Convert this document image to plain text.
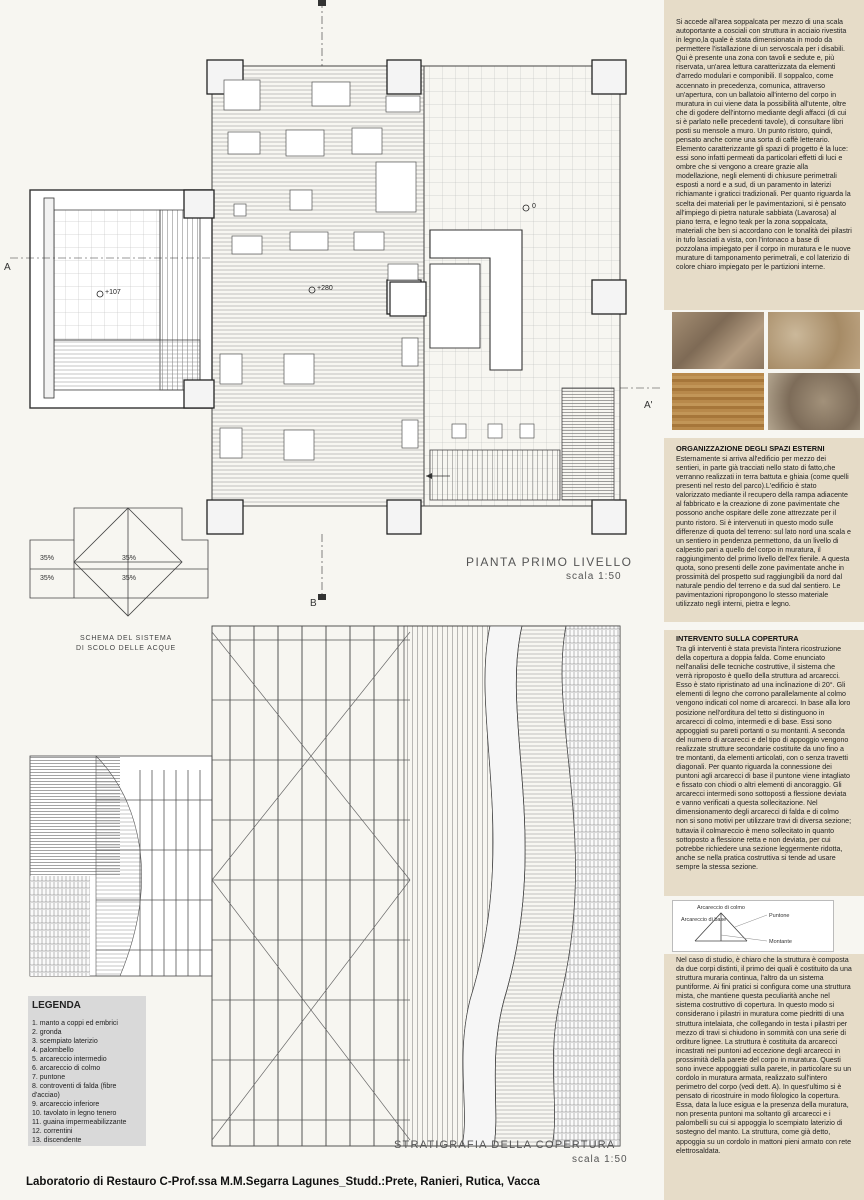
A
A'
B
+107
+280
0
PIANTA PRIMO LIVELLO
scala 1:50
35%	35%
35%	35%
SCHEMA DEL SISTEMA
DI SCOLO DELLE ACQUE
STRATIGRAFIA DELLA COPERTURA
scala 1:50

Si accede all'area soppalcata per mezzo di una scala autoportante a cosciali con struttura in acciaio rivestita in legno,la quale è stata dimensionata in modo da permettere l'istallazione di un servoscala per i disabili. Qui è presente una zona con tavoli e sedute e, più riservata, un'area lettura caratterizzata da elementi d'arredo modulari e componibili. Il soppalco, come accennato in precedenza, comunica, attraverso un'apertura, con un ballatoio all'interno del corpo in muratura in cui viene data la possibilità all'utente, oltre che di godere dell'intorno mediante degli affacci (di cui si è parlato nelle precedenti tavole), di consultare libri posti su mensole a muro. Un punto ristoro, quindi, pensato anche come una sorta di caffè letterario. Elemento caratterizzante gli spazi di progetto è la luce: essi sono infatti permeati da particolari effetti di luci e ombre che si vengono a creare grazie alla modellazione, negli elementi di chiusure perimetrali esposti a nord e a sud, di un paramento in laterizi richiamante i graticci tradizionali. Per quanto riguarda la scelta dei materiali per le pavimentazioni, si è pensato all'impiego di pietra naturale sabbiata (Lavarosa) al piano terra, e legno teak per la zona soppalcata, materiali che ben si accordano con le tonalità dei pilastri in tufo lasciati a vista, con l'intonaco a base di pozzolana impiegato per il corpo in muratura e le nuove murature di tamponamento perimetrali, e col laterizio di colore chiaro impiegato per le partizioni interne.

ORGANIZZAZIONE DEGLI SPAZI ESTERNI

Esternamente si arriva all'edificio per mezzo dei sentieri, in parte già tracciati nello stato di fatto,che verranno realizzati in terra battuta e ghiaia (come quelli presenti nel resto del parco).L'edificio è stato valorizzato mediante il recupero della rampa adiacente al fabbricato e la creazione di zone pavimentate che possono anche ospitare delle zone attrezzate per il punto ristoro. Si è intervenuti in questo modo sulle differenze di quota del terreno: sul lato nord una scala e un sentiero in pendenza permettono, da un livello di calpestio pari a quello del corpo in muratura, il raggiungimento del primo livello dell'ex fienile. A questa quota, sono presenti delle zone pavimentate anche in prossimità del prospetto sud raggiungibili da nord dal naturale pendio del terreno e da sud dal sentiero. Le pavimentazioni ripropongono lo stesso materiale utilizzato negli interni, pietra e legno.

INTERVENTO SULLA COPERTURA

Tra gli interventi è stata prevista l'intera ricostruzione della copertura a doppia falda. Come enunciato nell'analisi delle tecniche costruttive, il sistema che verrà riproposto è quello della struttura ad arcarecci. Esso è stato ripristinato ad una inclinazione di 20°. Gli elementi di legno che corrono parallelamente al colmo vengono indicati col nome di arcarecci. In base alla loro posizione nell'orditura del tetto si distinguono in arcarecci di colmo, intermedi e di base. Essi sono appoggiati su pareti portanti o su montanti. A seconda del numero di arcarecci e del tipo di appoggio vengono realizzate strutture secondarie costituite da uno fino a tre montanti, da elementi articolati, con o senza travetti diagonali. Per quanto riguarda la connessione dei puntoni agli arcarecci di base il puntone viene intagliato e fissato con chiodi o altri elementi di ancoraggio. Gli arcarecci intermedi sono sottoposti a flessione deviata e vanno verificati a questa sollecitazione. Nel dimensionamento degli arcarecci di falda e di colmo non si sono motivi per utilizzare travi di diversa sezione; tuttavia il colmareccio è meno sollecitato in quanto sottoposto a flessione retta e non deviata, per cui potrebbe richiedere una sezione leggermente ridotta, anche se nella pratica costruttiva si tende ad usare sempre la stessa sezione.

Arcareccio di colmo
Arcareccio di base
Puntone
Montante

Nel caso di studio, è chiaro che la struttura è composta da due corpi distinti, il primo dei quali è costituito da una struttura muraria continua, l'altro da un sistema puntiforme. Ai fini pratici si configura come una struttura mista, che mantiene questa peculiarità anche nel sistema costruttivo di copertura. In questo modo si considerano i pilastri in muratura come piedritti di una struttura intelaiata, che collegando in testa i pilastri per mezzo di travi si chiudono in sommità con una serie di orditure lignee. La struttura è costituita da arcarecci incastrati nei puntoni ad eccezione degli arcarecci in prossimità della parete del corpo in muratura. Questi sono invece appoggiati sulla parete, in particolare su un cordolo in muratura armata, realizzato sull'intero perimetro del corpo (vedi dett. A). In quest'ultimo si è pensato di ricostruire in modo filologico la copertura. Essa, data la luce esigua e la presenza della muratura, non presenta puntoni ma soltanto gli arcarecci e i palombelli su cui si appoggia lo scempiato laterizio di sostegno del manto. La struttura, come già detto, appoggia su un cordolo in mattoni pieni armato con rete elettrosaldata.

LEGENDA
1. manto a coppi ed embrici
2. gronda
3. scempiato laterizio
4. palombello
5. arcareccio intermedio
6. arcareccio di colmo
7. puntone
8. controventi di falda (fibre d'acciao)
9. arcareccio inferiore
10. tavolato in legno tenero
11. guaina impermeabilizzante
12. correntini
13. discendente
Laboratorio di Restauro C-Prof.ssa M.M.Segarra Lagunes_Studd.:Prete, Ranieri, Rutica, Vacca
